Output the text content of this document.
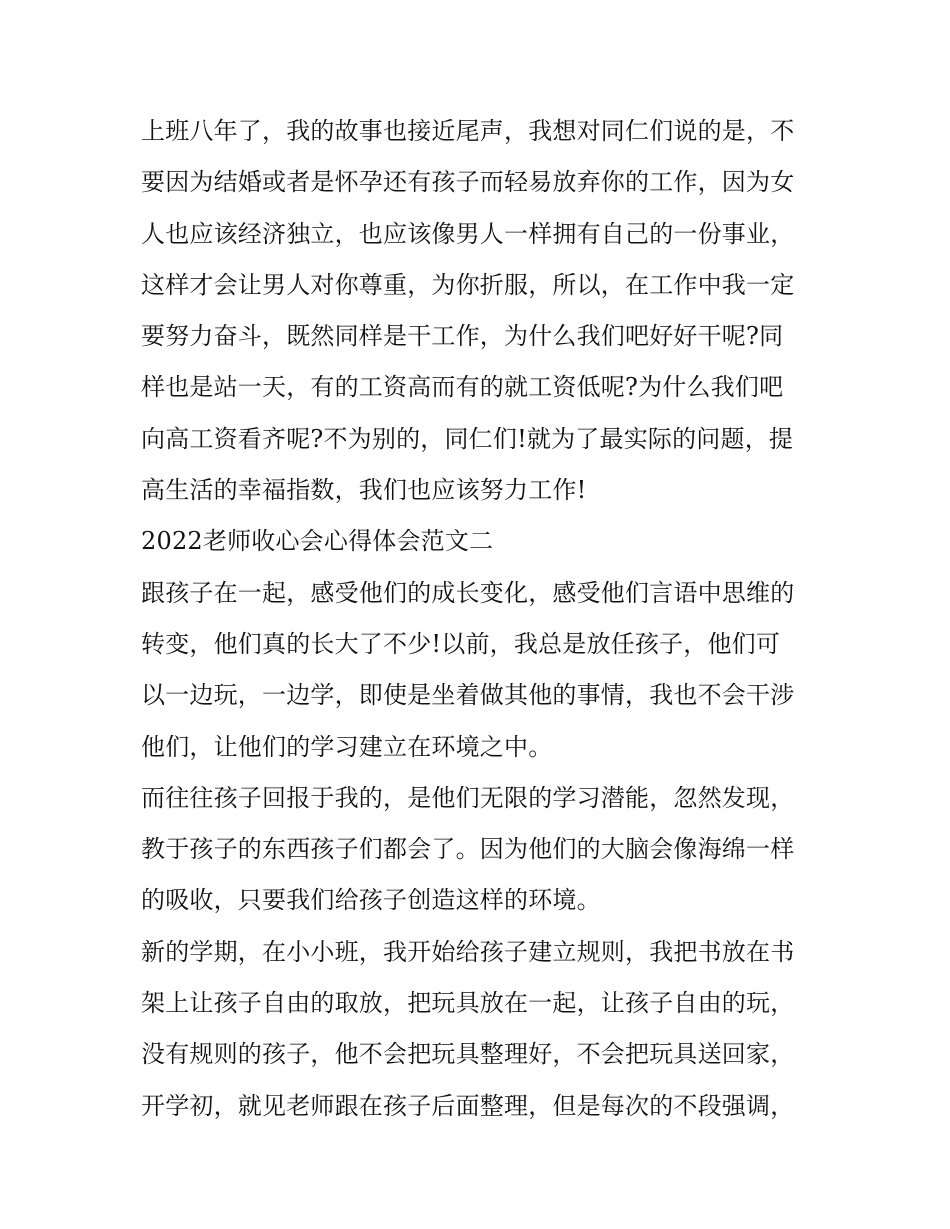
上班八年了，我的故事也接近尾声，我想对同仁们说的是，不
要因为结婚或者是怀孕还有孩子而轻易放弃你的工作，因为女
人也应该经济独立，也应该像男人一样拥有自己的一份事业，
这样才会让男人对你尊重，为你折服，所以，在工作中我一定
要努力奋斗，既然同样是干工作，为什么我们吧好好干呢?同
样也是站一天，有的工资高而有的就工资低呢?为什么我们吧
向高工资看齐呢?不为别的，同仁们!就为了最实际的问题，提
高生活的幸福指数，我们也应该努力工作!
2022老师收心会心得体会范文二
跟孩子在一起，感受他们的成长变化，感受他们言语中思维的
转变，他们真的长大了不少!以前，我总是放任孩子，他们可
以一边玩，一边学，即使是坐着做其他的事情，我也不会干涉
他们，让他们的学习建立在环境之中。
而往往孩子回报于我的，是他们无限的学习潜能，忽然发现，
教于孩子的东西孩子们都会了。因为他们的大脑会像海绵一样
的吸收，只要我们给孩子创造这样的环境。
新的学期，在小小班，我开始给孩子建立规则，我把书放在书
架上让孩子自由的取放，把玩具放在一起，让孩子自由的玩，
没有规则的孩子，他不会把玩具整理好，不会把玩具送回家，
开学初，就见老师跟在孩子后面整理，但是每次的不段强调，
